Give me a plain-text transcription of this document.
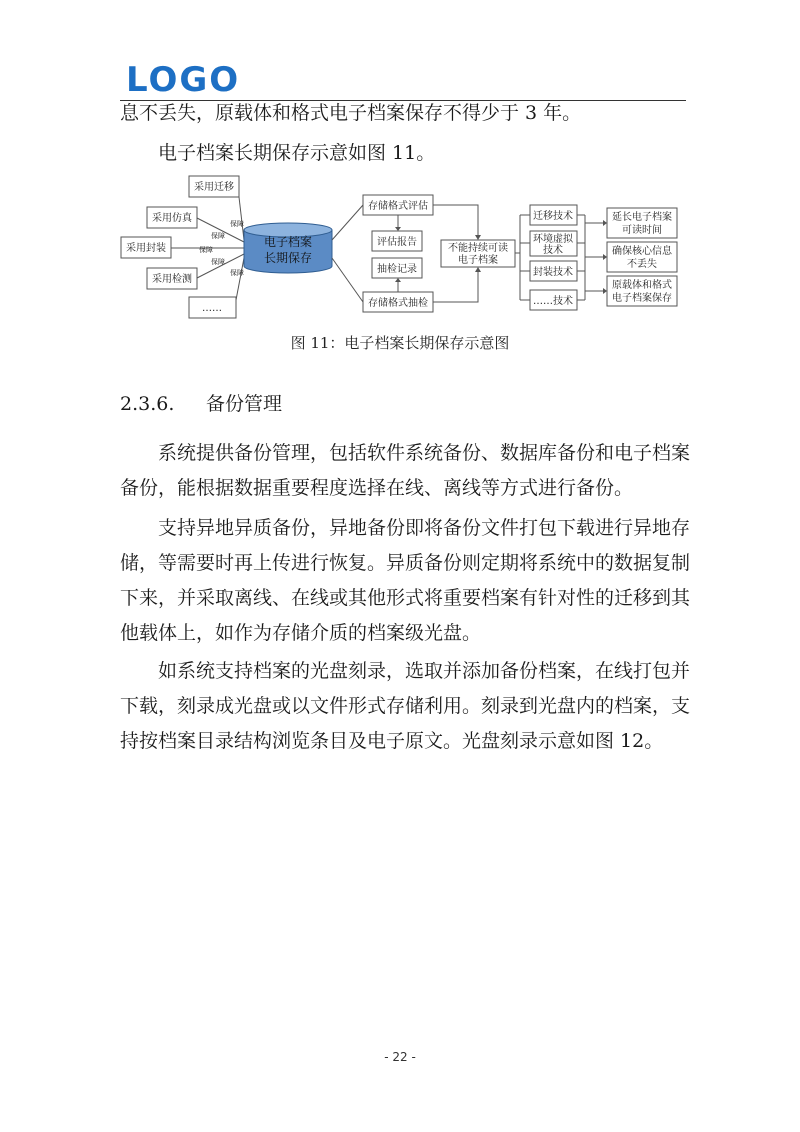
LOGO

息不丢失，原载体和格式电子档案保存不得少于 3 年。

电子档案长期保存示意如图 11。

采用迁移
采用仿真
采用封装
采用检测
……
保障
保障
保障
保障
保障
电子档案
长期保存
存储格式评估
评估报告
抽检记录
存储格式抽检
不能持续可读
电子档案
迁移技术
环境虚拟
技术
封装技术
……技术
延长电子档案
可读时间
确保核心信息
不丢失
原载体和格式
电子档案保存
图 11：电子档案长期保存示意图
2.3.6. 备份管理

系统提供备份管理，包括软件系统备份、数据库备份和电子档案备份，能根据数据重要程度选择在线、离线等方式进行备份。

支持异地异质备份，异地备份即将备份文件打包下载进行异地存储，等需要时再上传进行恢复。异质备份则定期将系统中的数据复制下来，并采取离线、在线或其他形式将重要档案有针对性的迁移到其他载体上，如作为存储介质的档案级光盘。

如系统支持档案的光盘刻录，选取并添加备份档案，在线打包并下载，刻录成光盘或以文件形式存储利用。刻录到光盘内的档案，支持按档案目录结构浏览条目及电子原文。光盘刻录示意如图 12。

- 22 -
